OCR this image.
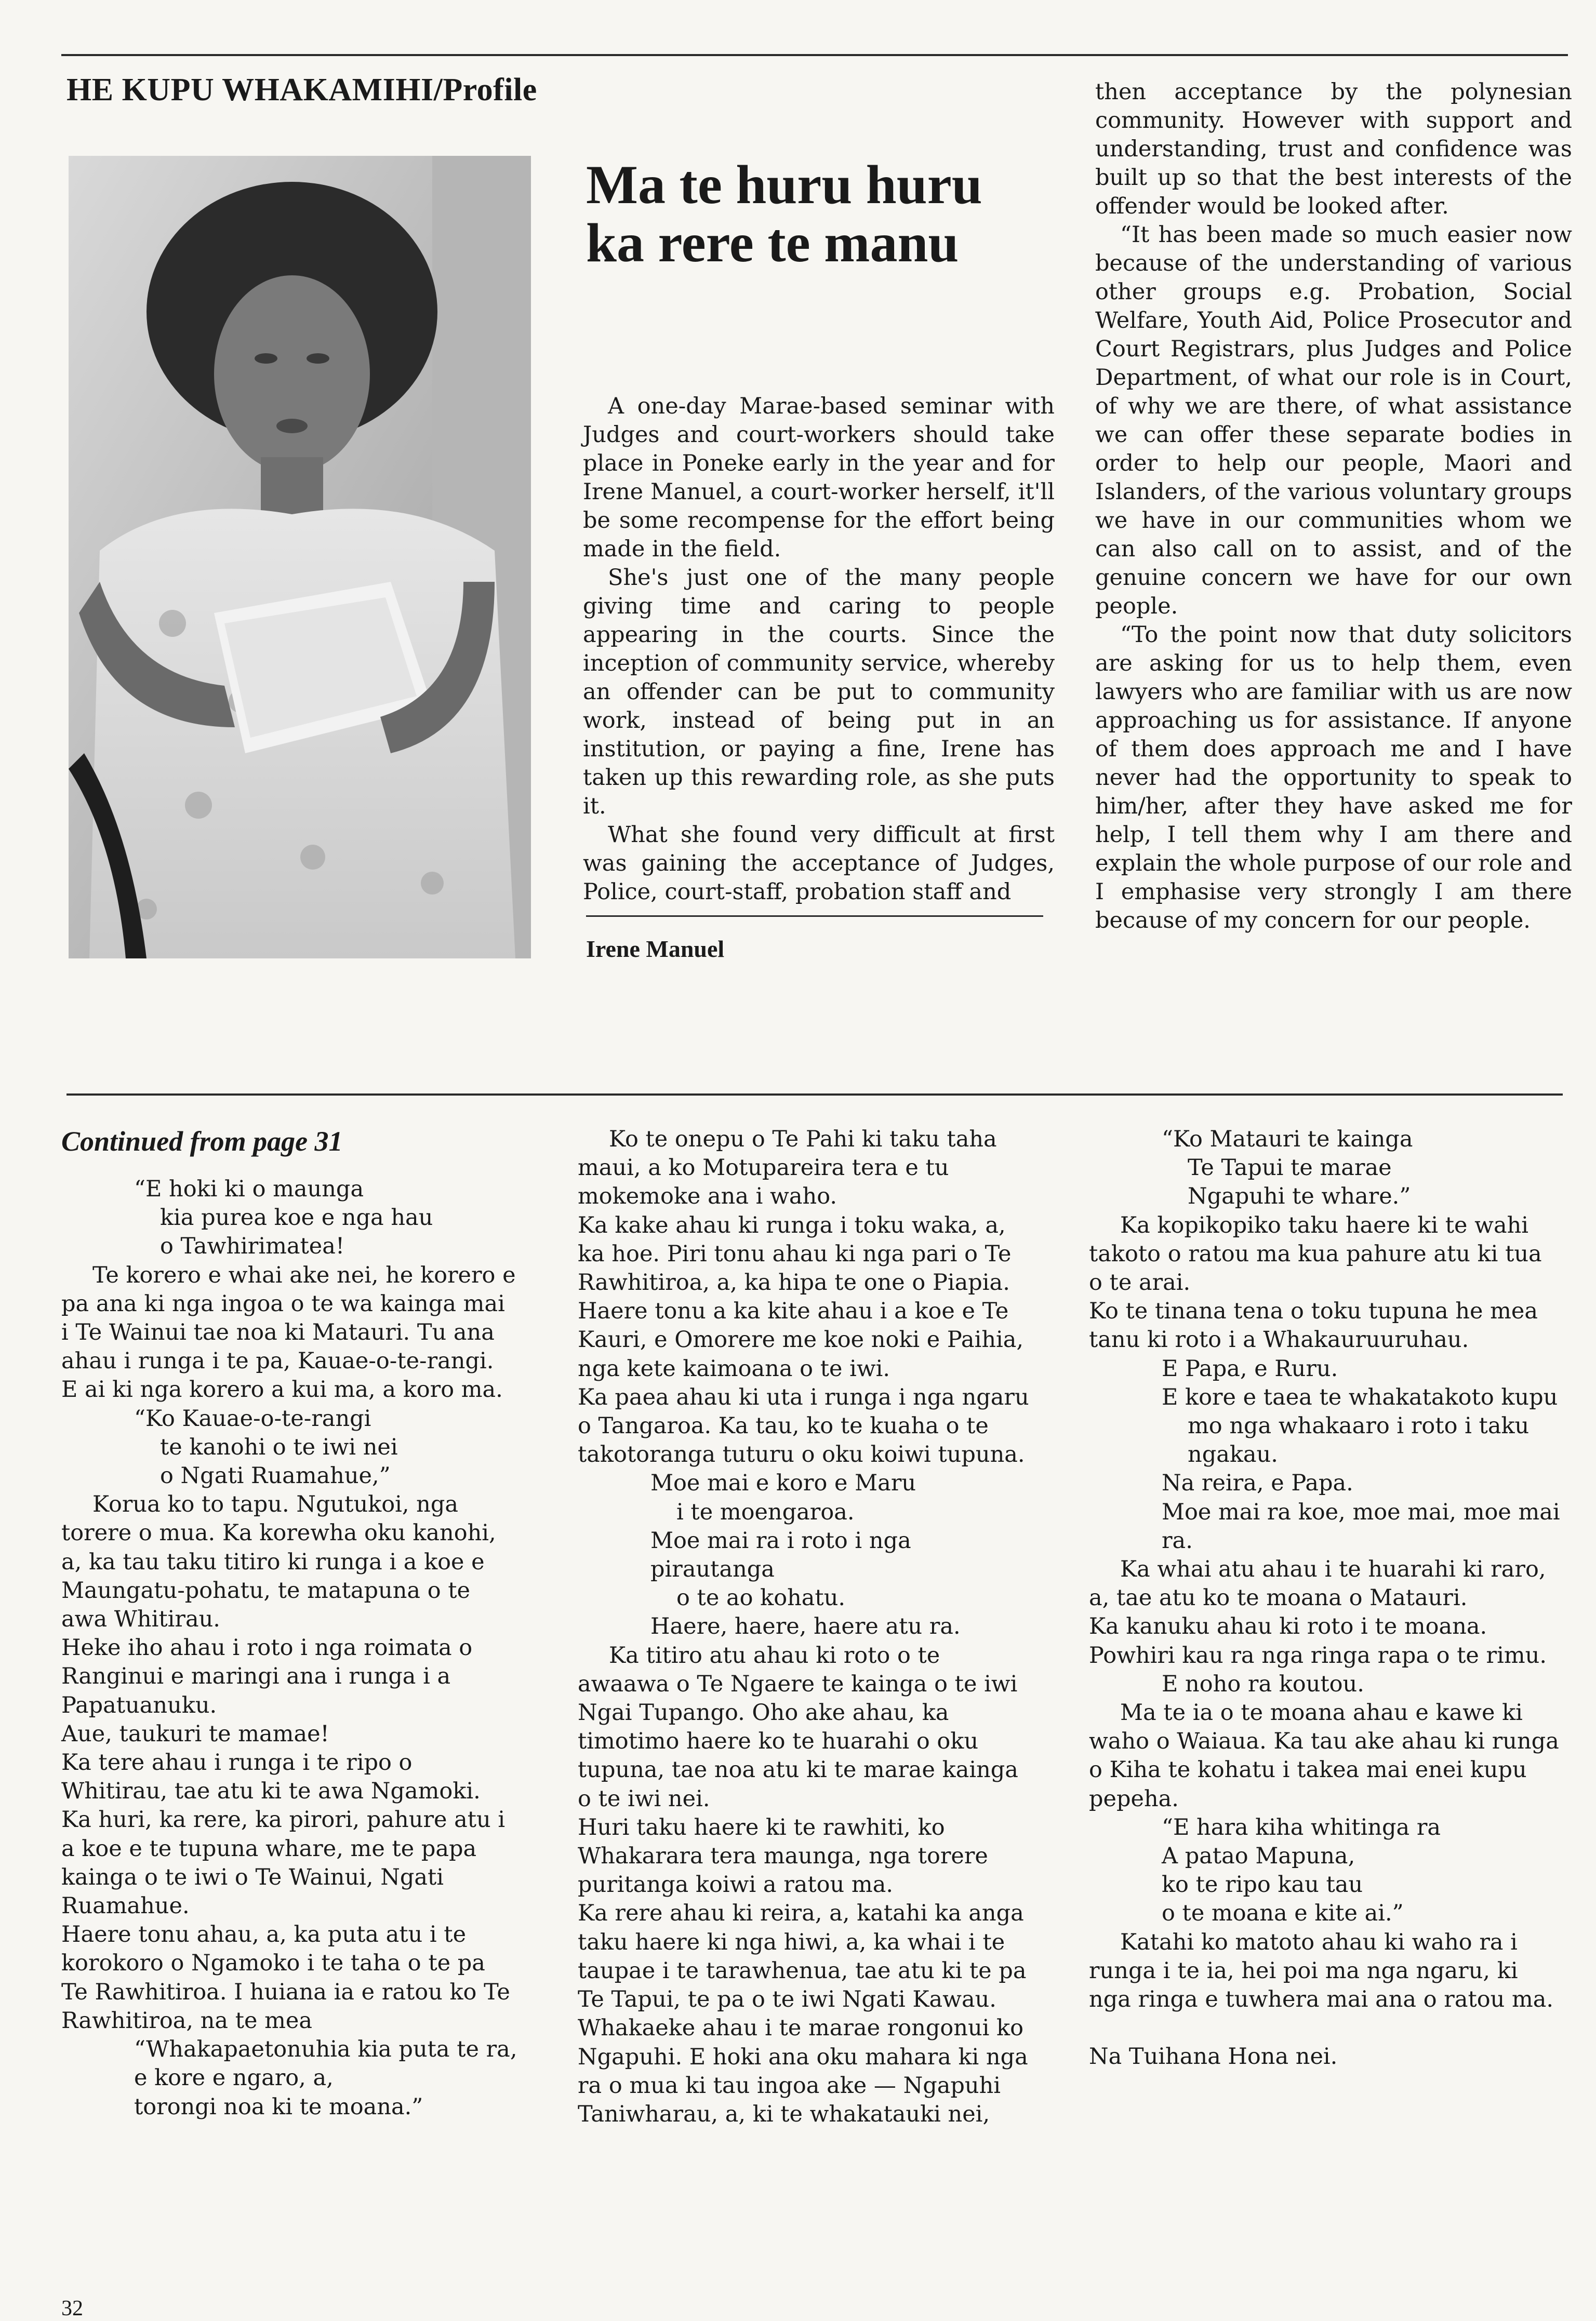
HE KUPU WHAKAMIHI/Profile
Ma te huru huru ka rere te manu

A one-day Marae-based seminar with Judges and court-workers should take place in Poneke early in the year and for Irene Manuel, a court-worker herself, it'll be some recompense for the effort being made in the field.

She's just one of the many people giving time and caring to people appearing in the courts. Since the inception of community service, whereby an offender can be put to community work, instead of being put in an institution, or paying a fine, Irene has taken up this rewarding role, as she puts it.

What she found very difficult at first was gaining the acceptance of Judges, Police, court-staff, probation staff and

Irene Manuel

then acceptance by the polynesian community. However with support and understanding, trust and confidence was built up so that the best interests of the offender would be looked after.

“It has been made so much easier now because of the understanding of various other groups e.g. Probation, Social Welfare, Youth Aid, Police Prosecutor and Court Registrars, plus Judges and Police Department, of what our role is in Court, of why we are there, of what assistance we can offer these separate bodies in order to help our people, Maori and Islanders, of the various voluntary groups we have in our communities whom we can also call on to assist, and of the genuine concern we have for our own people.

“To the point now that duty solicitors are asking for us to help them, even lawyers who are familiar with us are now approaching us for assistance. If anyone of them does approach me and I have never had the opportunity to speak to him/her, after they have asked me for help, I tell them why I am there and explain the whole purpose of our role and I emphasise very strongly I am there because of my concern for our people.

Continued from page 31

“E hoki ki o maunga

kia purea koe e nga hau

o Tawhirimatea!

Te korero e whai ake nei, he korero e pa ana ki nga ingoa o te wa kainga mai i Te Wainui tae noa ki Matauri. Tu ana ahau i runga i te pa, Kauae-o-te-rangi.

E ai ki nga korero a kui ma, a koro ma.

“Ko Kauae-o-te-rangi

te kanohi o te iwi nei

o Ngati Ruamahue,”

Korua ko to tapu. Ngutukoi, nga torere o mua. Ka korewha oku kanohi, a, ka tau taku titiro ki runga i a koe e Maungatu-pohatu, te matapuna o te awa Whitirau.

Heke iho ahau i roto i nga roimata o Ranginui e maringi ana i runga i a Papatuanuku.

Aue, taukuri te mamae!

Ka tere ahau i runga i te ripo o Whitirau, tae atu ki te awa Ngamoki.

Ka huri, ka rere, ka pirori, pahure atu i a koe e te tupuna whare, me te papa kainga o te iwi o Te Wainui, Ngati Ruamahue.

Haere tonu ahau, a, ka puta atu i te korokoro o Ngamoko i te taha o te pa Te Rawhitiroa. I huiana ia e ratou ko Te Rawhitiroa, na te mea

“Whakapaetonuhia kia puta te ra,

e kore e ngaro, a,

torongi noa ki te moana.”

Ko te onepu o Te Pahi ki taku taha maui, a ko Motupareira tera e tu mokemoke ana i waho.

Ka kake ahau ki runga i toku waka, a, ka hoe. Piri tonu ahau ki nga pari o Te Rawhitiroa, a, ka hipa te one o Piapia. Haere tonu a ka kite ahau i a koe e Te Kauri, e Omorere me koe noki e Paihia, nga kete kaimoana o te iwi.

Ka paea ahau ki uta i runga i nga ngaru o Tangaroa. Ka tau, ko te kuaha o te takotoranga tuturu o oku koiwi tupuna.

Moe mai e koro e Maru

i te moengaroa.

Moe mai ra i roto i nga pirautanga

o te ao kohatu.

Haere, haere, haere atu ra.

Ka titiro atu ahau ki roto o te awaawa o Te Ngaere te kainga o te iwi Ngai Tupango. Oho ake ahau, ka timotimo haere ko te huarahi o oku tupuna, tae noa atu ki te marae kainga o te iwi nei.

Huri taku haere ki te rawhiti, ko Whakarara tera maunga, nga torere puritanga koiwi a ratou ma.

Ka rere ahau ki reira, a, katahi ka anga taku haere ki nga hiwi, a, ka whai i te taupae i te tarawhenua, tae atu ki te pa Te Tapui, te pa o te iwi Ngati Kawau. Whakaeke ahau i te marae rongonui ko Ngapuhi. E hoki ana oku mahara ki nga ra o mua ki tau ingoa ake — Ngapuhi Taniwharau, a, ki te whakatauki nei,

“Ko Matauri te kainga

Te Tapui te marae

Ngapuhi te whare.”

Ka kopikopiko taku haere ki te wahi takoto o ratou ma kua pahure atu ki tua o te arai.

Ko te tinana tena o toku tupuna he mea tanu ki roto i a Whakauruuruhau.

E Papa, e Ruru.

E kore e taea te whakatakoto kupu

mo nga whakaaro i roto i taku ngakau.

Na reira, e Papa.

Moe mai ra koe, moe mai, moe mai ra.

Ka whai atu ahau i te huarahi ki raro, a, tae atu ko te moana o Matauri.

Ka kanuku ahau ki roto i te moana. Powhiri kau ra nga ringa rapa o te rimu.

E noho ra koutou.

Ma te ia o te moana ahau e kawe ki waho o Waiaua. Ka tau ake ahau ki runga o Kiha te kohatu i takea mai enei kupu pepeha.

“E hara kiha whitinga ra

A patao Mapuna,

ko te ripo kau tau

o te moana e kite ai.”

Katahi ko matoto ahau ki waho ra i runga i te ia, hei poi ma nga ngaru, ki nga ringa e tuwhera mai ana o ratou ma.

Na Tuihana Hona nei.

32
